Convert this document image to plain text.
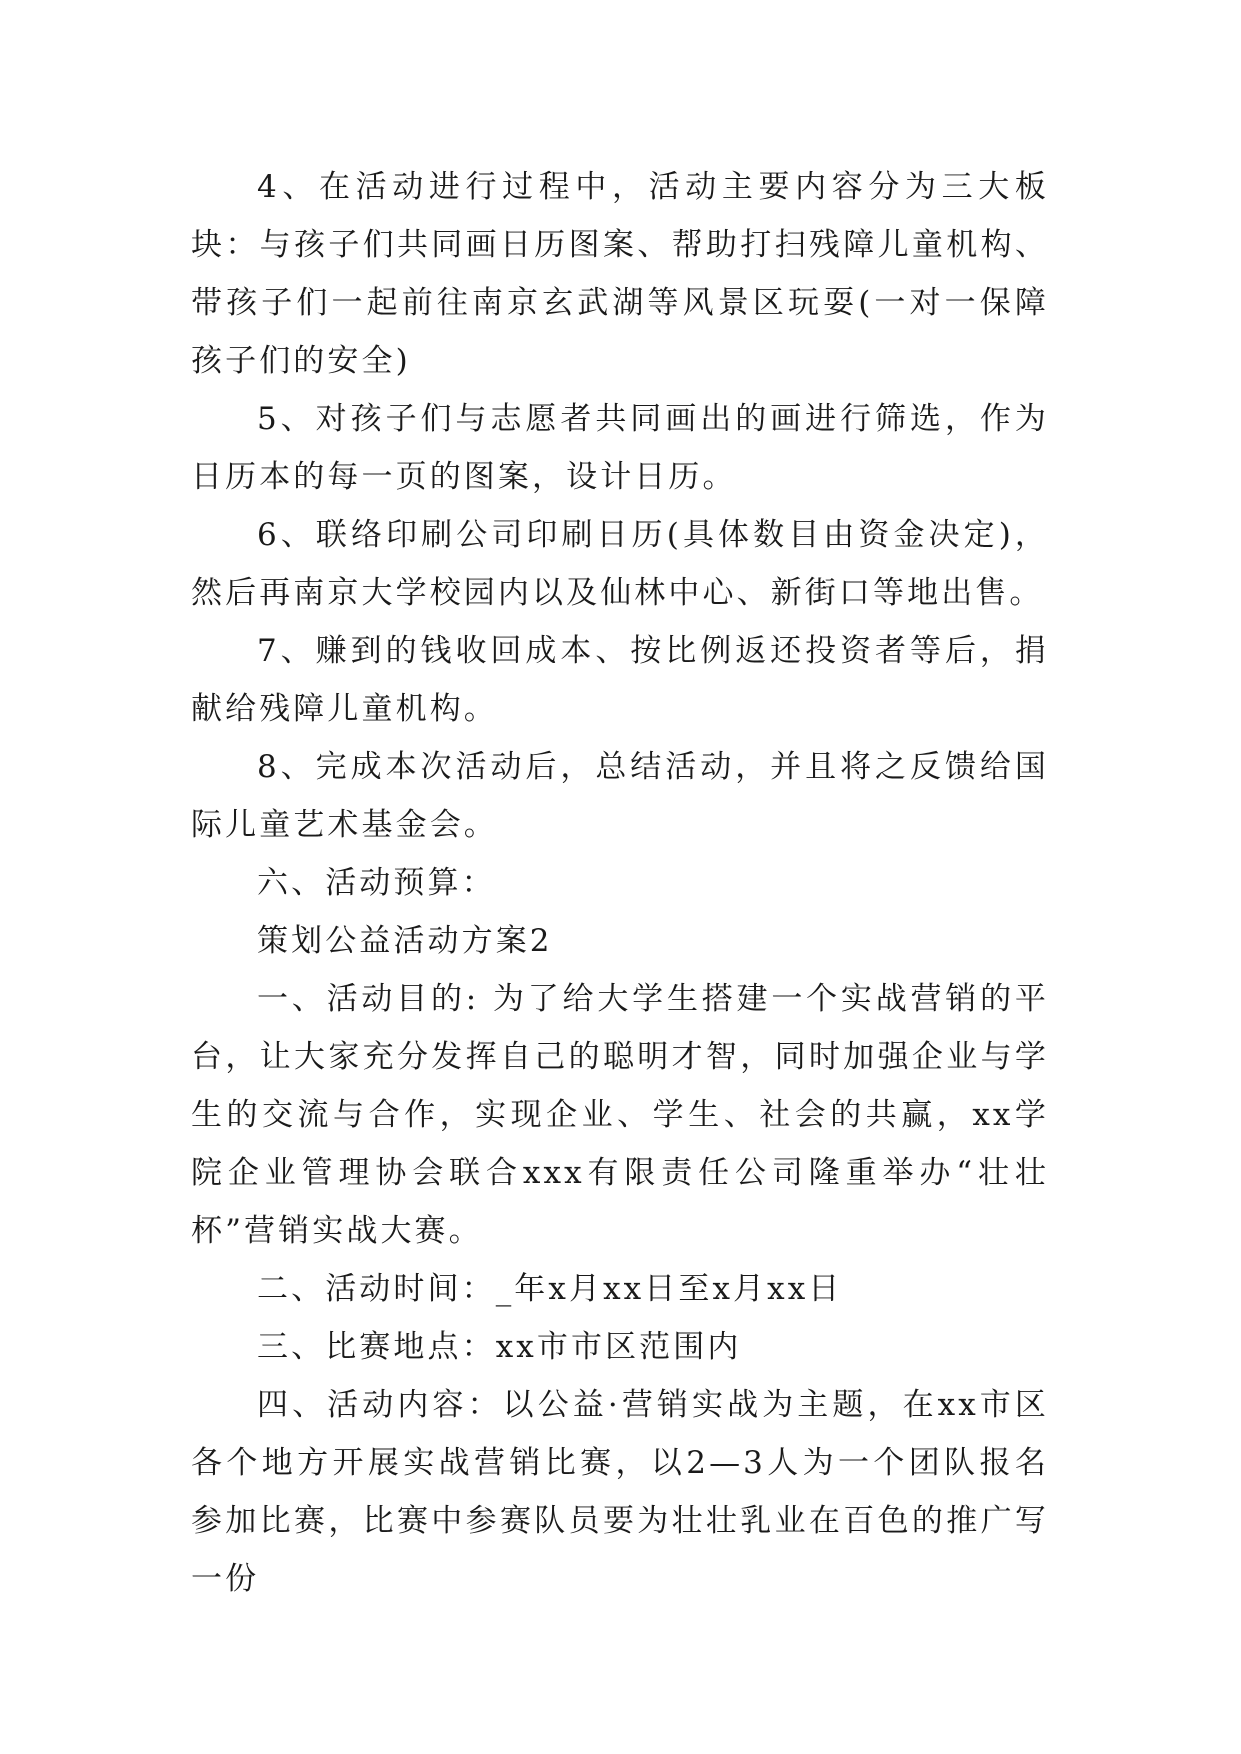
4、在活动进行过程中，活动主要内容分为三大板块：与孩子们共同画日历图案、帮助打扫残障儿童机构、带孩子们一起前往南京玄武湖等风景区玩耍(一对一保障孩子们的安全)

5、对孩子们与志愿者共同画出的画进行筛选，作为日历本的每一页的图案，设计日历。

6、联络印刷公司印刷日历(具体数目由资金决定)，然后再南京大学校园内以及仙林中心、新街口等地出售。

7、赚到的钱收回成本、按比例返还投资者等后，捐献给残障儿童机构。

8、完成本次活动后，总结活动，并且将之反馈给国际儿童艺术基金会。

六、活动预算：

策划公益活动方案2

一、活动目的: 为了给大学生搭建一个实战营销的平台，让大家充分发挥自己的聪明才智，同时加强企业与学生的交流与合作，实现企业、学生、社会的共赢，xx学院企业管理协会联合xxx有限责任公司隆重举办“壮壮杯”营销实战大赛。

二、活动时间：_年x月xx日至x月xx日

三、比赛地点：xx市市区范围内

四、活动内容：以公益·营销实战为主题，在xx市区各个地方开展实战营销比赛，以2—3人为一个团队报名参加比赛，比赛中参赛队员要为壮壮乳业在百色的推广写一份
